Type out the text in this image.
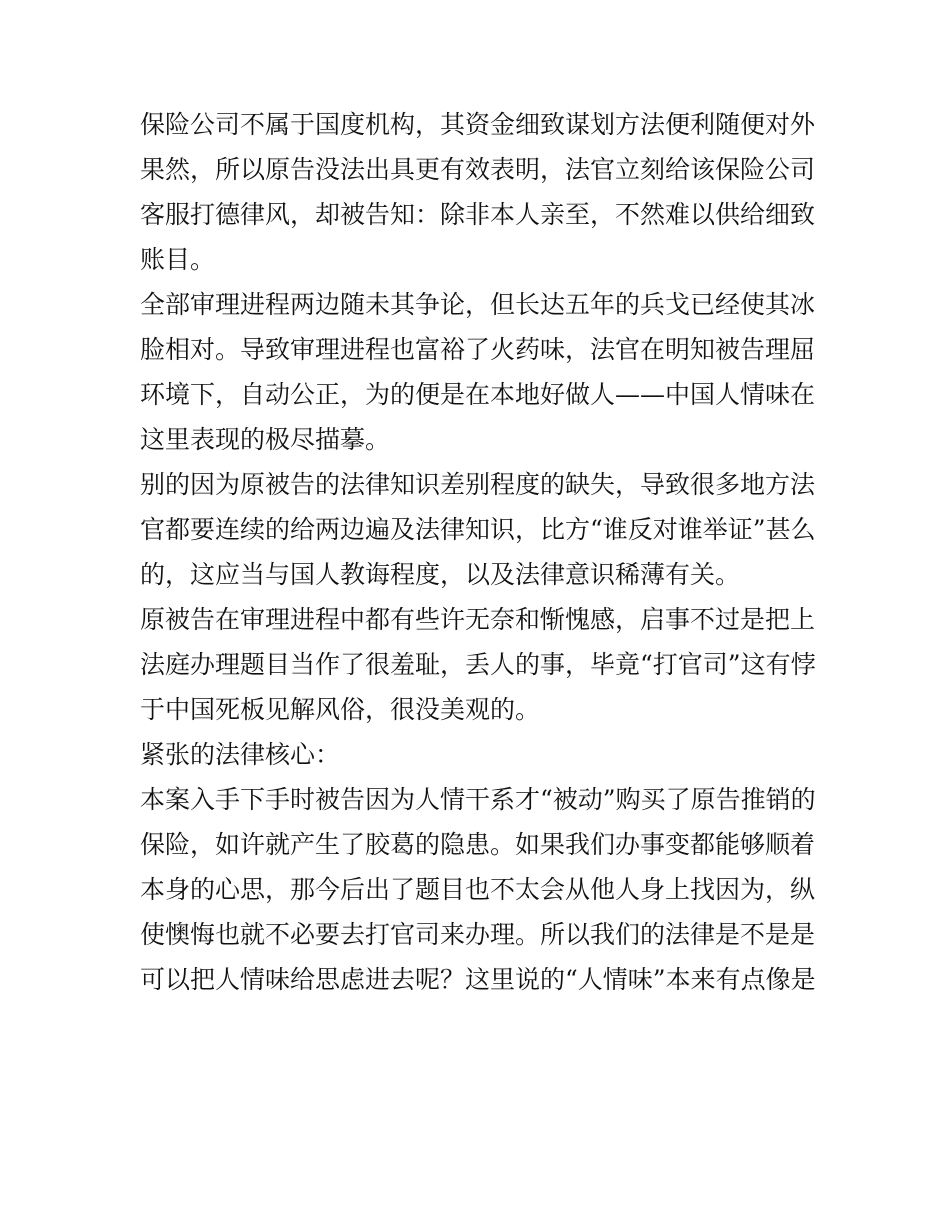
保险公司不属于国度机构，其资金细致谋划方法便利随便对外
果然，所以原告没法出具更有效表明，法官立刻给该保险公司
客服打德律风，却被告知：除非本人亲至，不然难以供给细致
账目。
全部审理进程两边随未其争论，但长达五年的兵戈已经使其冰
脸相对。导致审理进程也富裕了火药味，法官在明知被告理屈
环境下，自动公正，为的便是在本地好做人——中国人情味在
这里表现的极尽描摹。
别的因为原被告的法律知识差别程度的缺失，导致很多地方法
官都要连续的给两边遍及法律知识，比方“谁反对谁举证”甚么
的，这应当与国人教诲程度，以及法律意识稀薄有关。
原被告在审理进程中都有些许无奈和惭愧感，启事不过是把上
法庭办理题目当作了很羞耻，丢人的事，毕竟“打官司”这有悖
于中国死板见解风俗，很没美观的。
紧张的法律核心：
本案入手下手时被告因为人情干系才“被动”购买了原告推销的
保险，如许就产生了胶葛的隐患。如果我们办事变都能够顺着
本身的心思，那今后出了题目也不太会从他人身上找因为，纵
使懊悔也就不必要去打官司来办理。所以我们的法律是不是是
可以把人情味给思虑进去呢？这里说的“人情味”本来有点像是
